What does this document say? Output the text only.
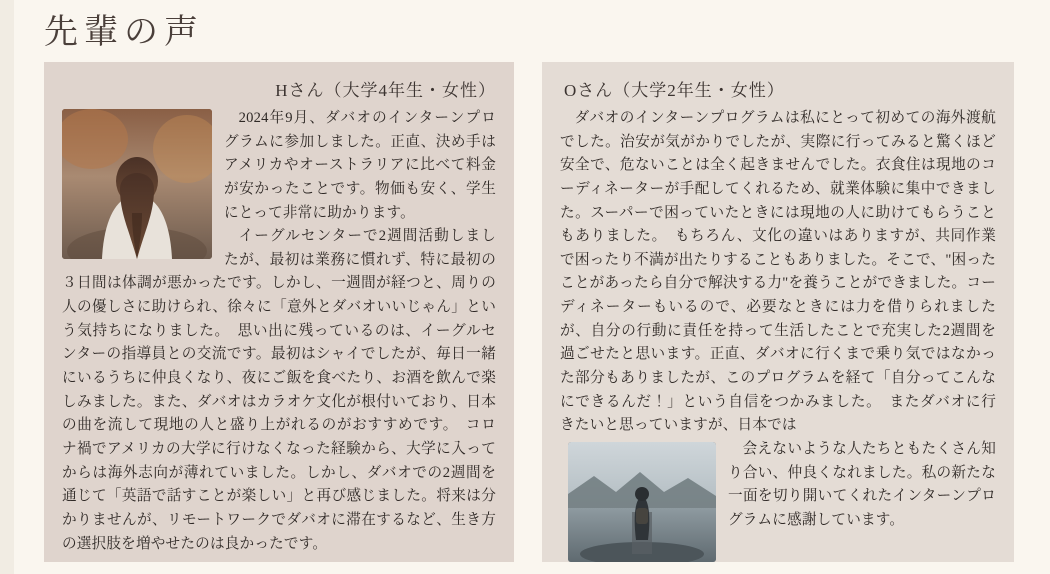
先輩の声
Hさん（大学4年生・女性）

2024年9月、ダバオのインターンプログラムに参加しました。正直、決め手はアメリカやオーストラリアに比べて料金が安かったことです。物価も安く、学生にとって非常に助かります。

イーグルセンターで2週間活動しましたが、最初は業務に慣れず、特に最初の３日間は体調が悪かったです。しかし、一週間が経つと、周りの人の優しさに助けられ、徐々に「意外とダバオいいじゃん」という気持ちになりました。　思い出に残っているのは、イーグルセンターの指導員との交流です。最初はシャイでしたが、毎日一緒にいるうちに仲良くなり、夜にご飯を食べたり、お酒を飲んで楽しみました。また、ダバオはカラオケ文化が根付いており、日本の曲を流して現地の人と盛り上がれるのがおすすめです。　コロナ禍でアメリカの大学に行けなくなった経験から、大学に入ってからは海外志向が薄れていました。しかし、ダバオでの2週間を通じて「英語で話すことが楽しい」と再び感じました。将来は分かりませんが、リモートワークでダバオに滞在するなど、生き方の選択肢を増やせたのは良かったです。

Oさん（大学2年生・女性）

ダバオのインターンプログラムは私にとって初めての海外渡航でした。治安が気がかりでしたが、実際に行ってみると驚くほど安全で、危ないことは全く起きませんでした。衣食住は現地のコーディネーターが手配してくれるため、就業体験に集中できました。スーパーで困っていたときには現地の人に助けてもらうこともありました。　もちろん、文化の違いはありますが、共同作業で困ったり不満が出たりすることもありました。そこで、"困ったことがあったら自分で解決する力"を養うことができました。コーディネーターもいるので、必要なときには力を借りられましたが、自分の行動に責任を持って生活したことで充実した2週間を過ごせたと思います。正直、ダバオに行くまで乗り気ではなかった部分もありましたが、このプログラムを経て「自分ってこんなにできるんだ！」という自信をつかみました。　またダバオに行きたいと思っていますが、日本では

会えないような人たちともたくさん知り合い、仲良くなれました。私の新たな一面を切り開いてくれたインターンプログラムに感謝しています。
